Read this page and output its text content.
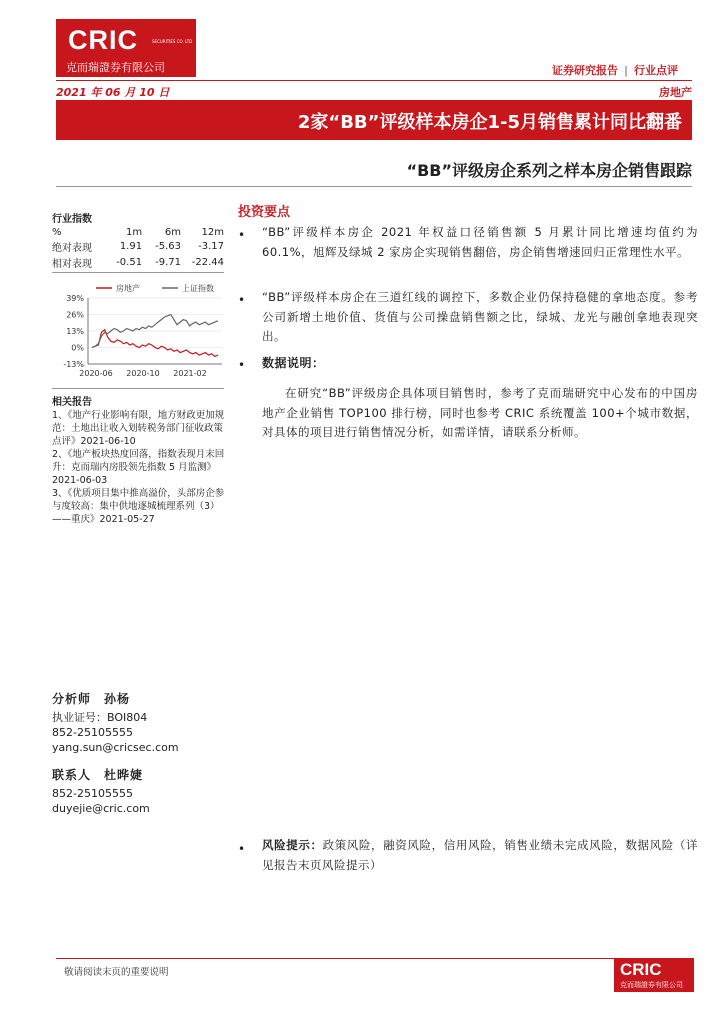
CRIC	SECURITIES CO. LTD
克而瑞證券有限公司	证券研究报告 | 行业点评
2021 年 06 月 10 日	房地产
2家“BB”评级样本房企1-5月销售累计同比翻番
“BB”评级房企系列之样本房企销售跟踪
行业指数
%	1m	6m	12m
绝对表现	1.91	-5.63	-3.17
相对表现	-0.51	-9.71	-22.44
房地产	上证指数
39%
26%
13%
0%
-13%
2020-06 2020-10 2021-02
相关报告
1、《地产行业影响有限，地方财政更加规范：土地出让收入划转税务部门征收政策点评》2021-06-10
2、《地产板块热度回落，指数表现月末回升：克而瑞内房股领先指数 5 月监测》2021-06-03
3、《优质项目集中推高溢价，头部房企参与度较高：集中供地逐城梳理系列（3）——重庆》2021-05-27
分析师　孙杨
执业证号：BOI804
852-25105555
yang.sun@cricsec.com
联系人　杜晔婕
852-25105555
duyejie@cric.com
投资要点
• “BB”评级样本房企 2021 年权益口径销售额 5 月累计同比增速均值约为 60.1%，旭辉及绿城 2 家房企实现销售翻倍，房企销售增速回归正常理性水平。
• “BB”评级样本房企在三道红线的调控下，多数企业仍保持稳健的拿地态度。参考公司新增土地价值、货值与公司操盘销售额之比，绿城、龙光与融创拿地表现突出。
• 数据说明：
在研究“BB”评级房企具体项目销售时，参考了克而瑞研究中心发布的中国房地产企业销售 TOP100 排行榜，同时也参考 CRIC 系统覆盖 100+个城市数据，对具体的项目进行销售情况分析，如需详情，请联系分析师。
• 风险提示：政策风险，融资风险，信用风险，销售业绩未完成风险，数据风险（详见报告末页风险提示）
敬请阅读末页的重要说明	CRIC
克而瑞證券有限公司
